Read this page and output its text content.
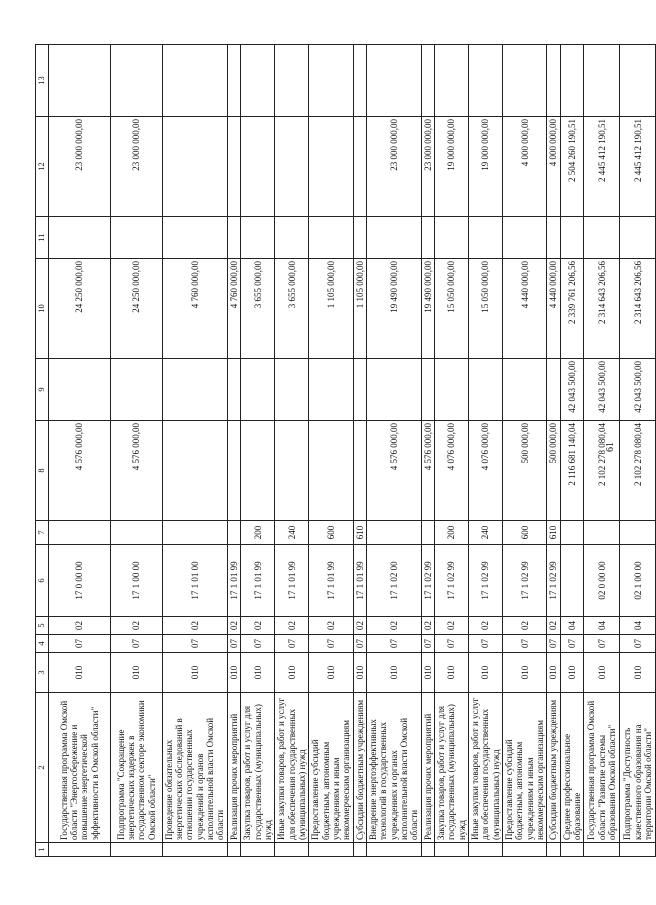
61
1	2	3	4	5	6	7	8	9	10	11	12	13
	Государственная программа Омской области "Энергосбережение и повышение энергетической эффективности в Омской области"	010	07	02	17 0 00 00		4 576 000,00		24 250 000,00		23 000 000,00	
	Подпрограмма "Сокращение энергетических издержек в государственном секторе экономики Омской области"	010	07	02	17 1 00 00		4 576 000,00		24 250 000,00		23 000 000,00	
	Проведение обязательных энергетических обследований в отношении государственных учреждений и органов исполнительной власти Омской области	010	07	02	17 1 01 00				4 760 000,00			
	Реализация прочих мероприятий	010	07	02	17 1 01 99				4 760 000,00			
	Закупка товаров, работ и услуг для государственных (муниципальных) нужд	010	07	02	17 1 01 99	200			3 655 000,00			
	Иные закупки товаров, работ и услуг для обеспечения государственных (муниципальных) нужд	010	07	02	17 1 01 99	240			3 655 000,00			
	Предоставление субсидий бюджетным, автономным учреждениям и иным некоммерческим организациям	010	07	02	17 1 01 99	600			1 105 000,00			
	Субсидии бюджетным учреждениям	010	07	02	17 1 01 99	610			1 105 000,00			
	Внедрение энергоэффективных технологий в государственных учреждениях и органах исполнительной власти Омской области	010	07	02	17 1 02 00		4 576 000,00		19 490 000,00		23 000 000,00	
	Реализация прочих мероприятий	010	07	02	17 1 02 99		4 576 000,00		19 490 000,00		23 000 000,00	
	Закупка товаров, работ и услуг для государственных (муниципальных) нужд	010	07	02	17 1 02 99	200	4 076 000,00		15 050 000,00		19 000 000,00	
	Иные закупки товаров, работ и услуг для обеспечения государственных (муниципальных) нужд	010	07	02	17 1 02 99	240	4 076 000,00		15 050 000,00		19 000 000,00	
	Предоставление субсидий бюджетным, автономным учреждениям и иным некоммерческим организациям	010	07	02	17 1 02 99	600	500 000,00		4 440 000,00		4 000 000,00	
	Субсидии бюджетным учреждениям	010	07	02	17 1 02 99	610	500 000,00		4 440 000,00		4 000 000,00	
	Среднее профессиональное образование	010	07	04			2 116 681 140,04	42 043 500,00	2 339 761 206,56		2 504 260 190,51	
	Государственная программа Омской области "Развитие системы образования Омской области"	010	07	04	02 0 00 00		2 102 278 080,04	42 043 500,00	2 314 643 206,56		2 445 412 190,51	
	Подпрограмма "Доступность качественного образования на территории Омской области"	010	07	04	02 1 00 00		2 102 278 080,04	42 043 500,00	2 314 643 206,56		2 445 412 190,51	
